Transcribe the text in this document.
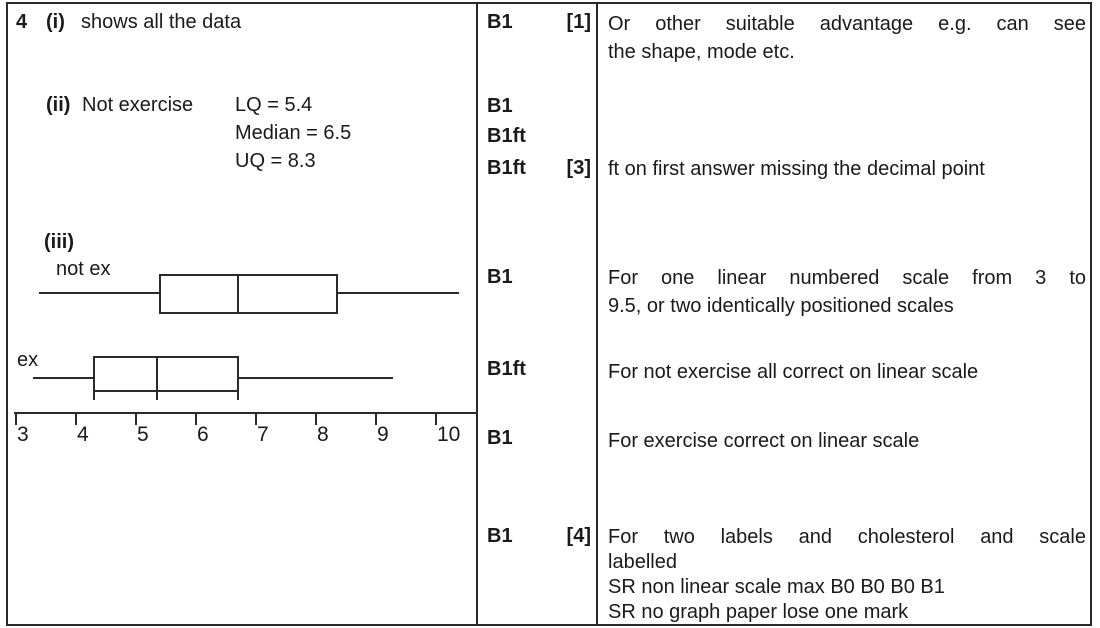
4 (i) shows all the data
(ii) Not exercise LQ = 5.4
Median = 6.5
UQ = 8.3
(iii)
not ex
ex
B1	[1]
B1
B1ft
B1ft [3]
B1
B1ft
B1
B1	[4]
Or other suitable advantage e.g. can see
the shape, mode etc.
ft on first answer missing the decimal point
For one linear numbered scale from 3 to
9.5, or two identically positioned scales
For not exercise all correct on linear scale
For exercise correct on linear scale
For two labels and cholesterol and scale
labelled
SR non linear scale max B0 B0 B0 B1
SR no graph paper lose one mark
3 4 5 6 7 8 9 10
